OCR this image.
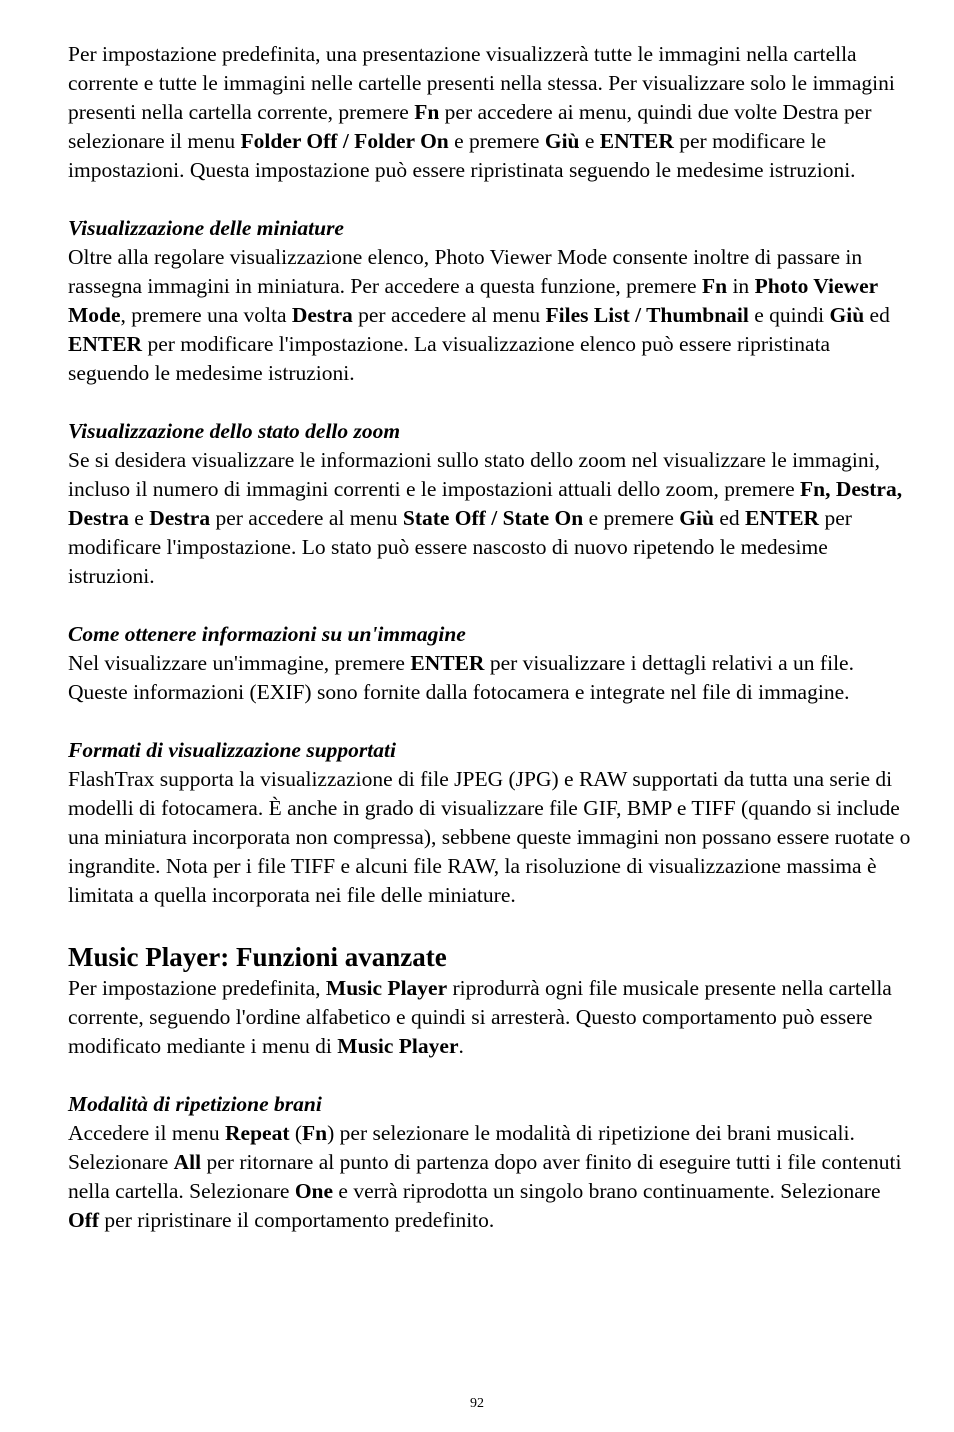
Per impostazione predefinita, una presentazione visualizzerà tutte le immagini nella cartella corrente e tutte le immagini nelle cartelle presenti nella stessa. Per visualizzare solo le immagini presenti nella cartella corrente, premere Fn per accedere ai menu, quindi due volte Destra per selezionare il menu Folder Off / Folder On e premere Giù e ENTER per modificare le impostazioni. Questa impostazione può essere ripristinata seguendo le medesime istruzioni.

Visualizzazione delle miniature

Oltre alla regolare visualizzazione elenco, Photo Viewer Mode consente inoltre di passare in rassegna immagini in miniatura. Per accedere a questa funzione, premere Fn in Photo Viewer Mode, premere una volta Destra per accedere al menu Files List / Thumbnail e quindi Giù ed ENTER per modificare l'impostazione. La visualizzazione elenco può essere ripristinata seguendo le medesime istruzioni.

Visualizzazione dello stato dello zoom

Se si desidera visualizzare le informazioni sullo stato dello zoom nel visualizzare le immagini, incluso il numero di immagini correnti e le impostazioni attuali dello zoom, premere Fn, Destra, Destra e Destra per accedere al menu State Off / State On e premere Giù ed ENTER per modificare l'impostazione. Lo stato può essere nascosto di nuovo ripetendo le medesime istruzioni.

Come ottenere informazioni su un'immagine

Nel visualizzare un'immagine, premere ENTER per visualizzare i dettagli relativi a un file. Queste informazioni (EXIF) sono fornite dalla fotocamera e integrate nel file di immagine.

Formati di visualizzazione supportati

FlashTrax supporta la visualizzazione di file JPEG (JPG) e RAW supportati da tutta una serie di modelli di fotocamera. È anche in grado di visualizzare file GIF, BMP e TIFF (quando si include una miniatura incorporata non compressa), sebbene queste immagini non possano essere ruotate o ingrandite. Nota per i file TIFF e alcuni file RAW, la risoluzione di visualizzazione massima è limitata a quella incorporata nei file delle miniature.

Music Player: Funzioni avanzate

Per impostazione predefinita, Music Player riprodurrà ogni file musicale presente nella cartella corrente, seguendo l'ordine alfabetico e quindi si arresterà. Questo comportamento può essere modificato mediante i menu di Music Player.

Modalità di ripetizione brani

Accedere il menu Repeat (Fn) per selezionare le modalità di ripetizione dei brani musicali. Selezionare All per ritornare al punto di partenza dopo aver finito di eseguire tutti i file contenuti nella cartella. Selezionare One e verrà riprodotta un singolo brano continuamente. Selezionare Off per ripristinare il comportamento predefinito.

92
